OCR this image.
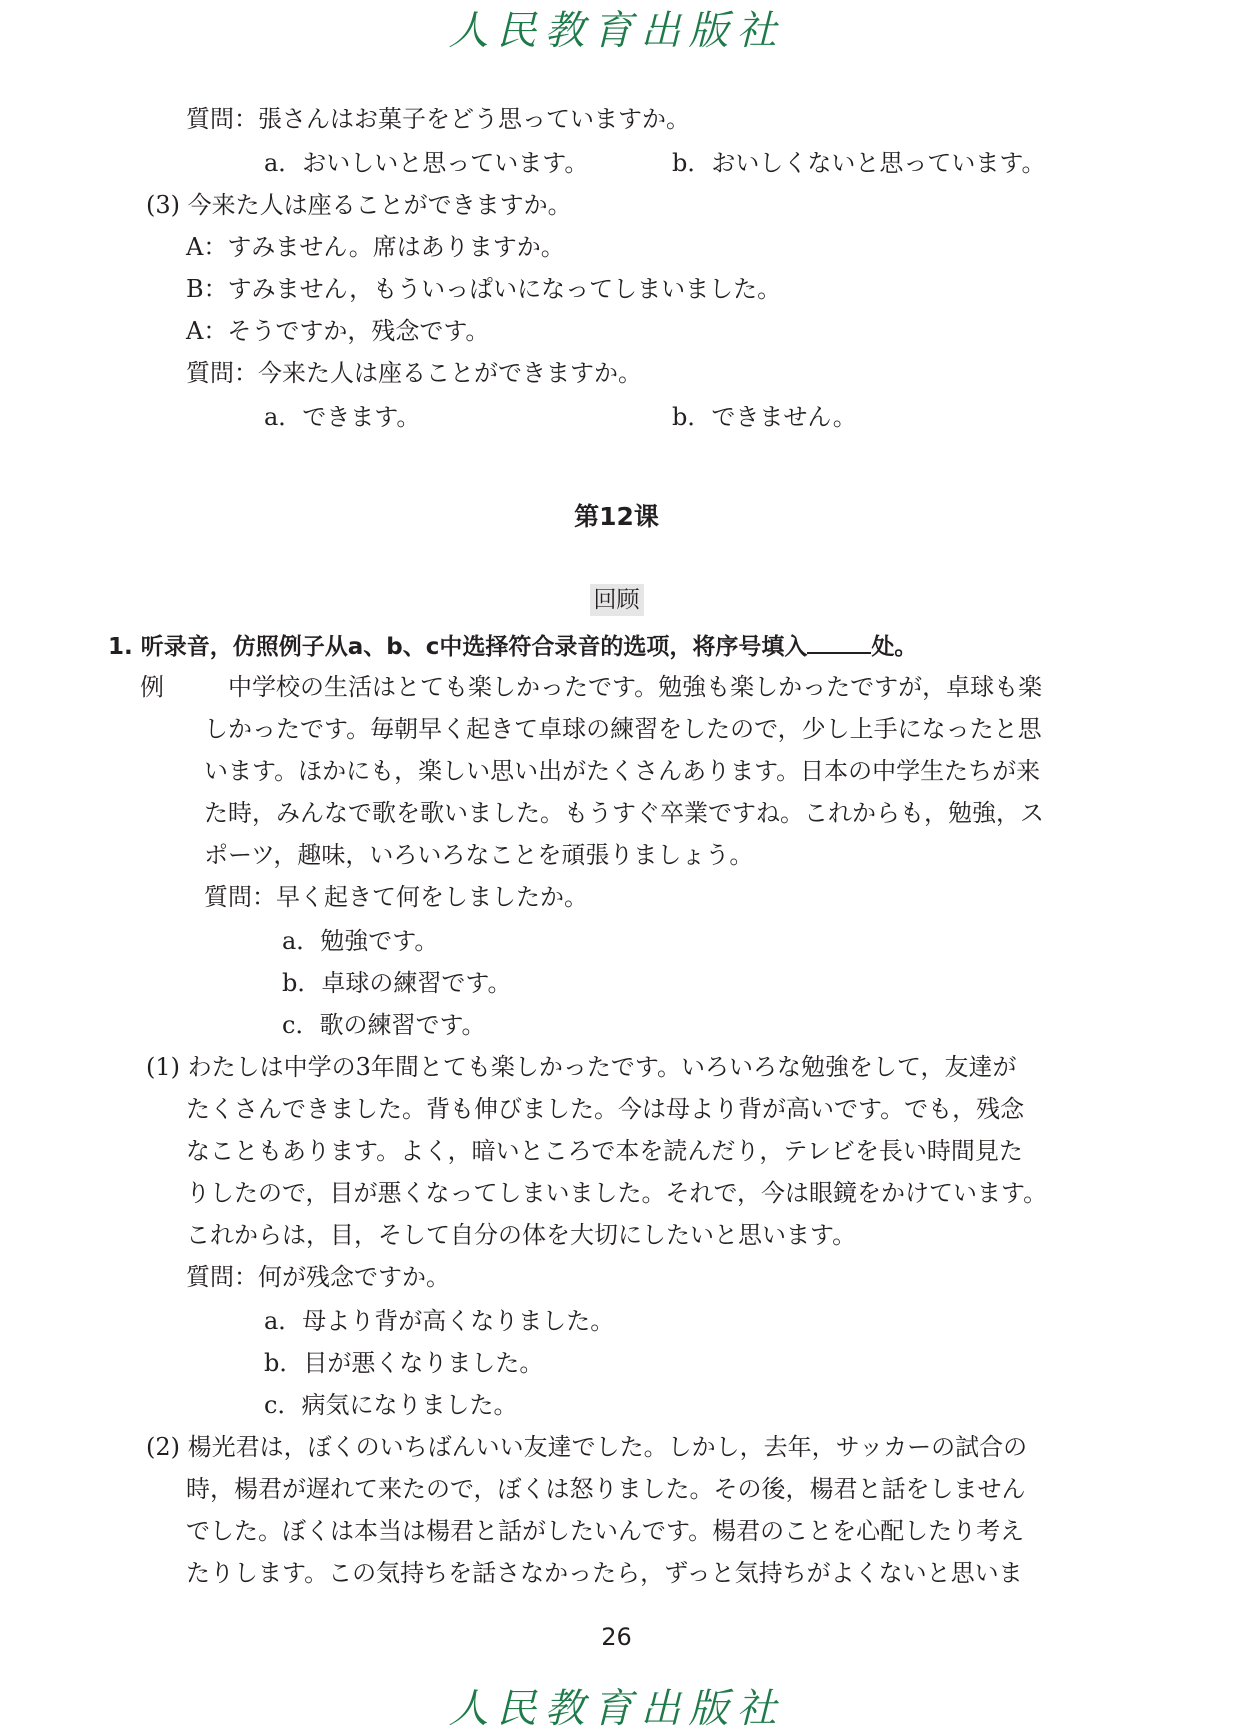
人民教育出版社
質問：張さんはお菓子をどう思っていますか。
a．おいしいと思っています。	b．おいしくないと思っています。
(3) 今来た人は座ることができますか。
A：すみません。席はありますか。
B：すみません，もういっぱいになってしまいました。
A：そうですか，残念です。
質問：今来た人は座ることができますか。
a．できます。	b．できません。
第12课
回顾
1. 听录音，仿照例子从a、b、c中选择符合录音的选项，将序号填入	处。
例	中学校の生活はとても楽しかったです。勉強も楽しかったですが，卓球も楽
しかったです。毎朝早く起きて卓球の練習をしたので，少し上手になったと思
います。ほかにも，楽しい思い出がたくさんあります。日本の中学生たちが来
た時，みんなで歌を歌いました。もうすぐ卒業ですね。これからも，勉強，ス
ポーツ，趣味，いろいろなことを頑張りましょう。
質問：早く起きて何をしましたか。
a．勉強です。
b．卓球の練習です。
c．歌の練習です。
(1) わたしは中学の3年間とても楽しかったです。いろいろな勉強をして，友達が
たくさんできました。背も伸びました。今は母より背が高いです。でも，残念
なこともあります。よく，暗いところで本を読んだり，テレビを長い時間見た
りしたので，目が悪くなってしまいました。それで，今は眼鏡をかけています。
これからは，目，そして自分の体を大切にしたいと思います。
質問：何が残念ですか。
a．母より背が高くなりました。
b．目が悪くなりました。
c．病気になりました。
(2) 楊光君は，ぼくのいちばんいい友達でした。しかし，去年，サッカーの試合の
時，楊君が遅れて来たので，ぼくは怒りました。その後，楊君と話をしません
でした。ぼくは本当は楊君と話がしたいんです。楊君のことを心配したり考え
たりします。この気持ちを話さなかったら，ずっと気持ちがよくないと思いま
26
人民教育出版社
